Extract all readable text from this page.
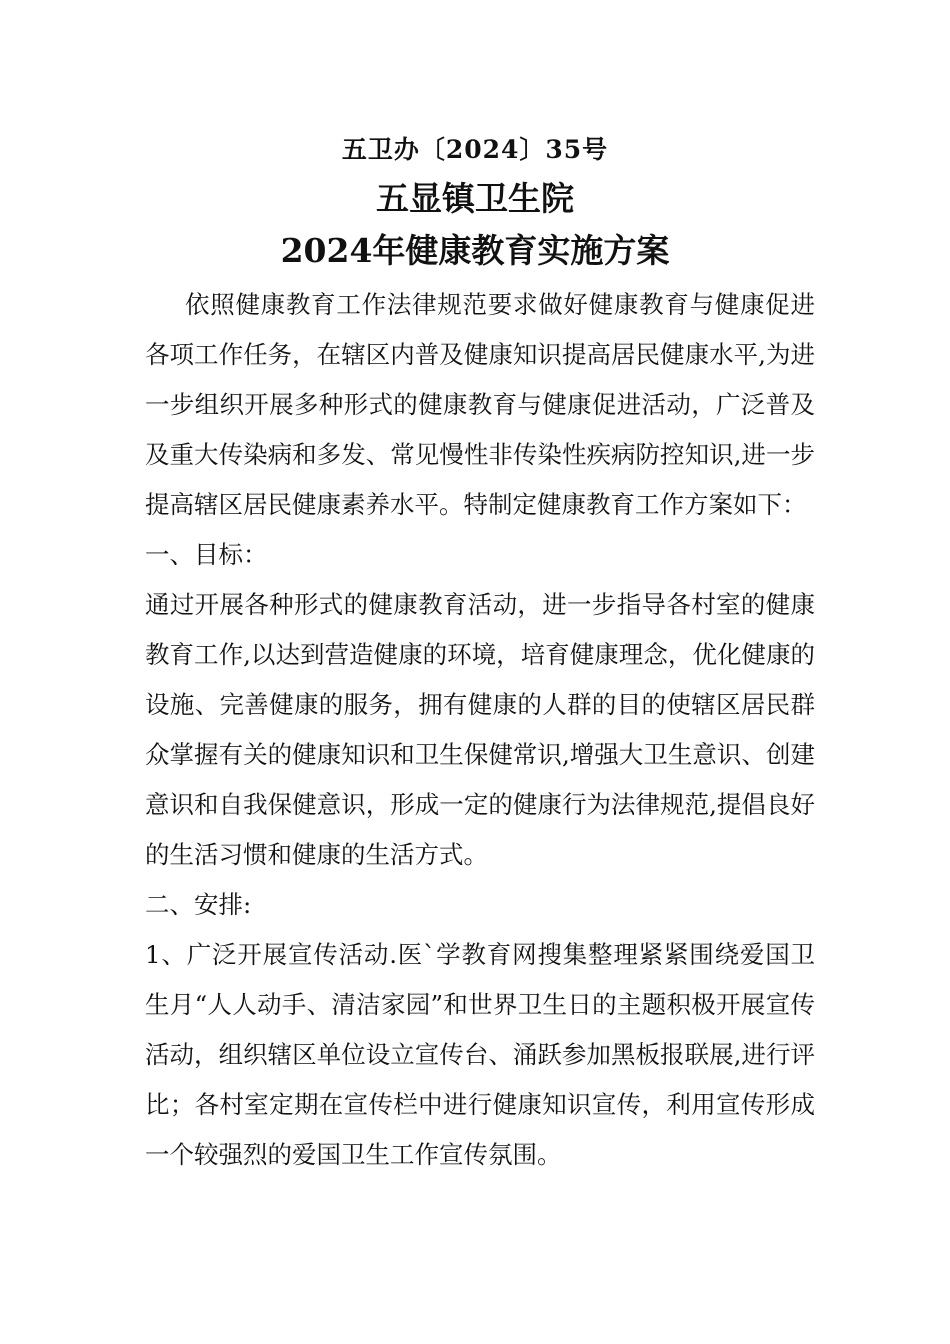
五卫办〔2024〕35号
五显镇卫生院
2024年健康教育实施方案

依照健康教育工作法律规范要求做好健康教育与健康促进各项工作任务，在辖区内普及健康知识提高居民健康水平,为进一步组织开展多种形式的健康教育与健康促进活动，广泛普及及重大传染病和多发、常见慢性非传染性疾病防控知识,进一步提高辖区居民健康素养水平。特制定健康教育工作方案如下：

一、目标：

通过开展各种形式的健康教育活动，进一步指导各村室的健康教育工作,以达到营造健康的环境，培育健康理念，优化健康的设施、完善健康的服务，拥有健康的人群的目的使辖区居民群众掌握有关的健康知识和卫生保健常识,增强大卫生意识、创建意识和自我保健意识，形成一定的健康行为法律规范,提倡良好的生活习惯和健康的生活方式。

二、安排:

1、广泛开展宣传活动.医`学教育网搜集整理紧紧围绕爱国卫生月“人人动手、清洁家园”和世界卫生日的主题积极开展宣传活动，组织辖区单位设立宣传台、涌跃参加黑板报联展,进行评比；各村室定期在宣传栏中进行健康知识宣传，利用宣传形成一个较强烈的爱国卫生工作宣传氛围。
